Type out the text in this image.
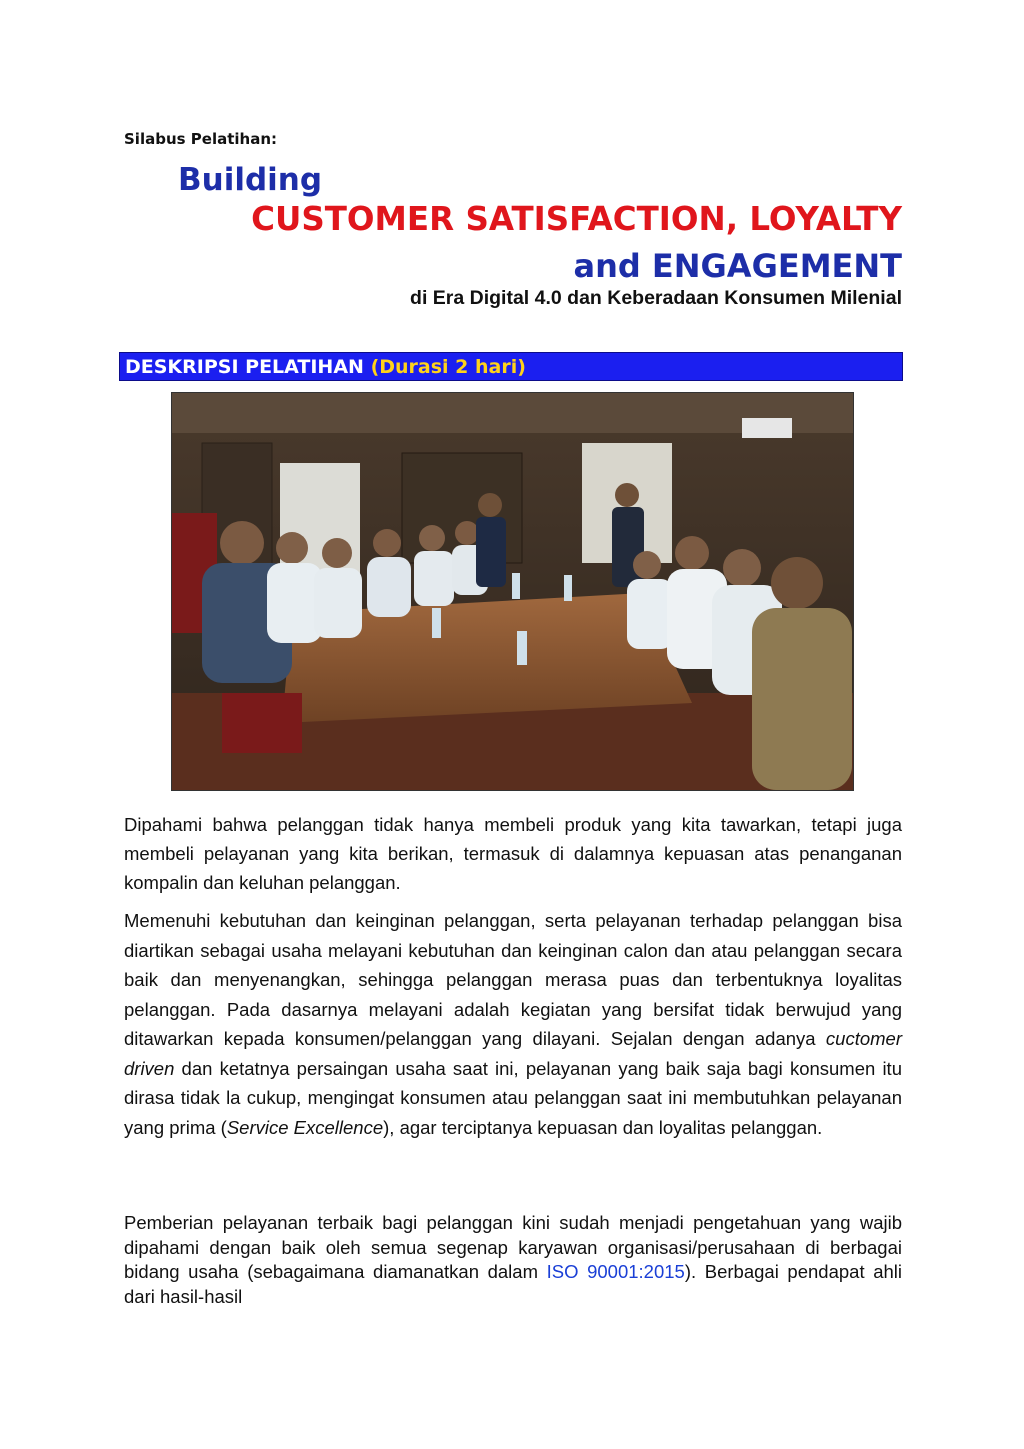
Silabus Pelatihan:
Building
CUSTOMER SATISFACTION, LOYALTY
and ENGAGEMENT
di Era Digital 4.0 dan Keberadaan Konsumen Milenial
DESKRIPSI PELATIHAN (Durasi 2 hari)

Dipahami bahwa pelanggan tidak hanya membeli produk yang kita tawarkan, tetapi juga membeli pelayanan yang kita berikan, termasuk di dalamnya kepuasan atas penanganan kompalin dan keluhan pelanggan.

Memenuhi kebutuhan dan keinginan pelanggan, serta pelayanan terhadap pelanggan bisa diartikan sebagai usaha melayani kebutuhan dan keinginan calon dan atau pelanggan secara baik dan menyenangkan, sehingga pelanggan merasa puas dan terbentuknya loyalitas pelanggan. Pada dasarnya melayani adalah kegiatan yang bersifat tidak berwujud yang ditawarkan kepada konsumen/pelanggan yang dilayani. Sejalan dengan adanya cuctomer driven dan ketatnya persaingan usaha saat ini, pelayanan yang baik saja bagi konsumen itu dirasa tidak la cukup, mengingat konsumen atau pelanggan saat ini membutuhkan pelayanan yang prima (Service Excellence), agar terciptanya kepuasan dan loyalitas pelanggan.

Pemberian pelayanan terbaik bagi pelanggan kini sudah menjadi pengetahuan yang wajib dipahami dengan baik oleh semua segenap karyawan organisasi/perusahaan di berbagai bidang usaha (sebagaimana diamanatkan dalam ISO 90001:2015). Berbagai pendapat ahli dari hasil-hasil
